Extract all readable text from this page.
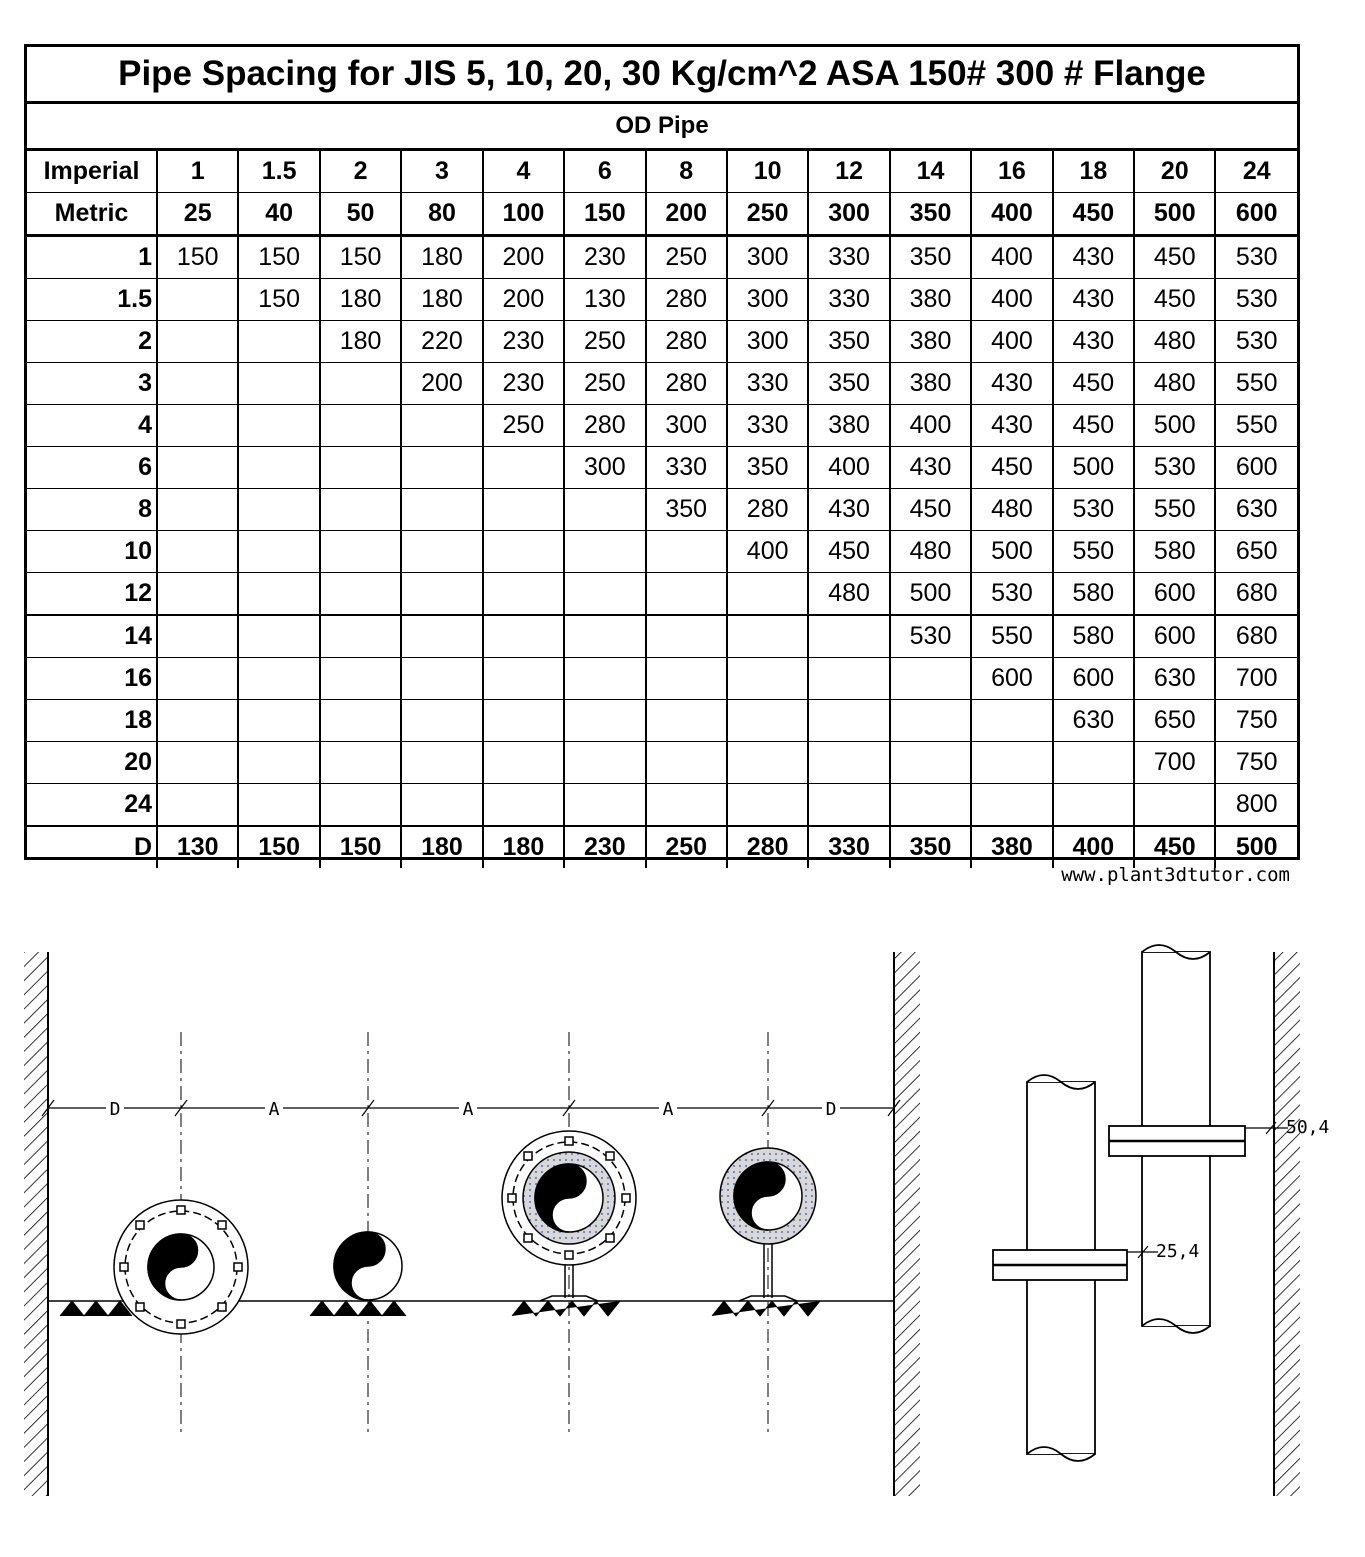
Pipe Spacing for JIS 5, 10, 20, 30 Kg/cm^2 ASA 150# 300 # Flange
OD Pipe
Imperial	1	1.5	2	3	4	6	8	10	12	14	16	18	20	24
Metric	25	40	50	80	100	150	200	250	300	350	400	450	500	600
1	150	150	150	180	200	230	250	300	330	350	400	430	450	530
1.5		150	180	180	200	130	280	300	330	380	400	430	450	530
2			180	220	230	250	280	300	350	380	400	430	480	530
3				200	230	250	280	330	350	380	430	450	480	550
4					250	280	300	330	380	400	430	450	500	550
6						300	330	350	400	430	450	500	530	600
8							350	280	430	450	480	530	550	630
10								400	450	480	500	550	580	650
12									480	500	530	580	600	680
14										530	550	580	600	680
16											600	600	630	700
18												630	650	750
20													700	750
24														800
D	130	150	150	180	180	230	250	280	330	350	380	400	450	500
www.plant3dtutor.com
D	A	A	A	D
50,4
25,4
